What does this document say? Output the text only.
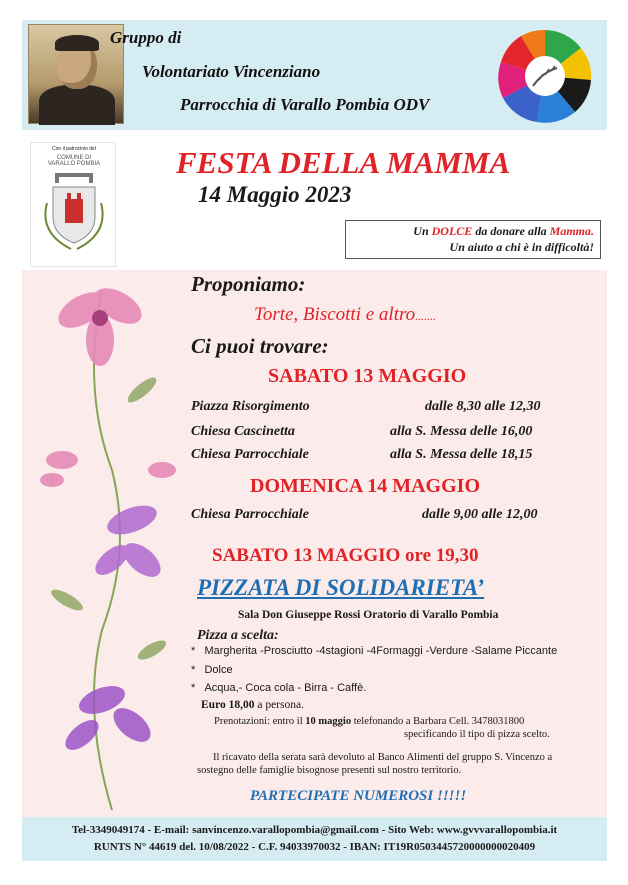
Gruppo di
Volontariato Vincenziano
Parrocchia di Varallo Pombia ODV
Con il patrocinio del
COMUNE DI VARALLO POMBIA FESTA DELLA MAMMA
14 Maggio 2023
Un DOLCE da donare alla Mamma.
Un aiuto a chi è in difficoltà!
Proponiamo:
Torte, Biscotti e altro.......
Ci puoi trovare:
SABATO 13 MAGGIO
Piazza Risorgimento	dalle 8,30 alle 12,30
Chiesa Cascinetta	alla S. Messa delle 16,00
Chiesa Parrocchiale	alla S. Messa delle 18,15
DOMENICA 14 MAGGIO
Chiesa Parrocchiale	dalle 9,00 alle 12,00
SABATO 13 MAGGIO ore 19,30
PIZZATA DI SOLIDARIETA’
Sala Don Giuseppe Rossi Oratorio di Varallo Pombia
Pizza a scelta:
*   Margherita -Prosciutto -4stagioni -4Formaggi -Verdure -Salame Piccante
*   Dolce
*   Acqua,- Coca cola - Birra - Caffè.
Euro 18,00 a persona.
Prenotazioni: entro il 10 maggio telefonando a Barbara Cell. 3478031800
specificando il tipo di pizza scelto.
Il ricavato della serata sarà devoluto al Banco Alimenti del gruppo S. Vincenzo a
sostegno delle famiglie bisognose presenti sul nostro territorio.
PARTECIPATE NUMEROSI !!!!!
Tel-3349049174 - E-mail: sanvincenzo.varallopombia@gmail.com - Sito Web: www.gvvvarallopombia.it
RUNTS N° 44619 del. 10/08/2022 - C.F. 94033970032 - IBAN: IT19R0503445720000000020409
